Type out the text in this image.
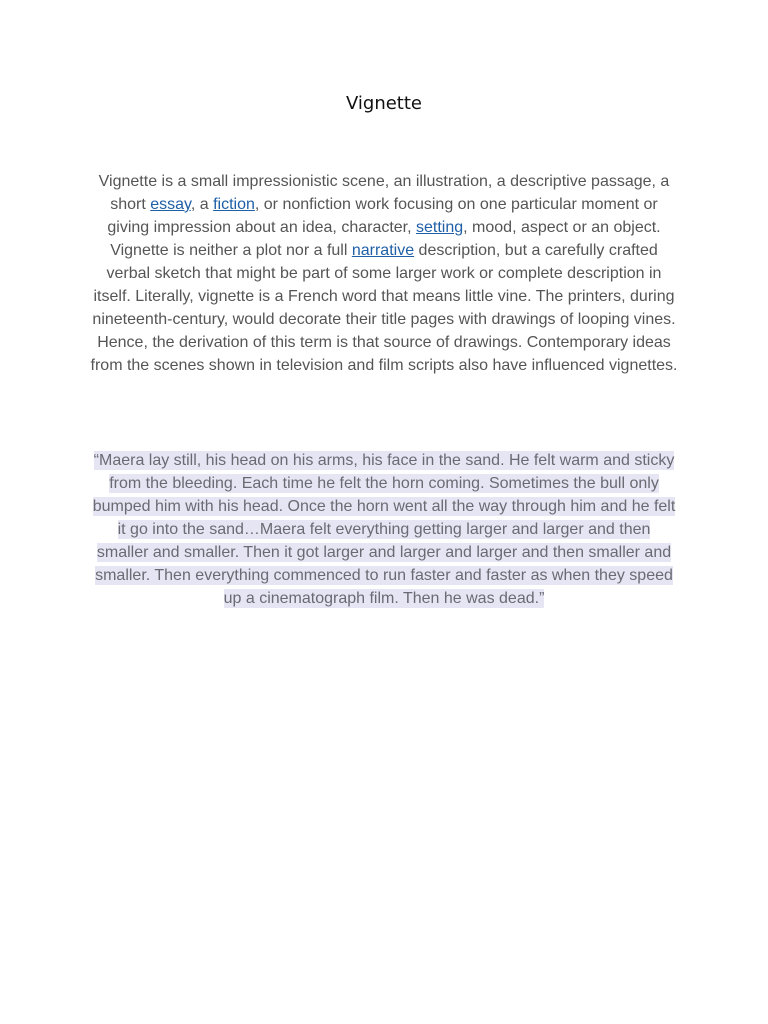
Vignette

Vignette is a small impressionistic scene, an illustration, a descriptive passage, a short essay, a fiction, or nonfiction work focusing on one particular moment or giving impression about an idea, character, setting, mood, aspect or an object. Vignette is neither a plot nor a full narrative description, but a carefully crafted verbal sketch that might be part of some larger work or complete description in itself. Literally, vignette is a French word that means little vine. The printers, during nineteenth-century, would decorate their title pages with drawings of looping vines. Hence, the derivation of this term is that source of drawings. Contemporary ideas from the scenes shown in television and film scripts also have influenced vignettes.

“Maera lay still, his head on his arms, his face in the sand. He felt warm and sticky from the bleeding. Each time he felt the horn coming. Sometimes the bull only bumped him with his head. Once the horn went all the way through him and he felt it go into the sand…Maera felt everything getting larger and larger and then smaller and smaller. Then it got larger and larger and larger and then smaller and smaller. Then everything commenced to run faster and faster as when they speed up a cinematograph film. Then he was dead.”
